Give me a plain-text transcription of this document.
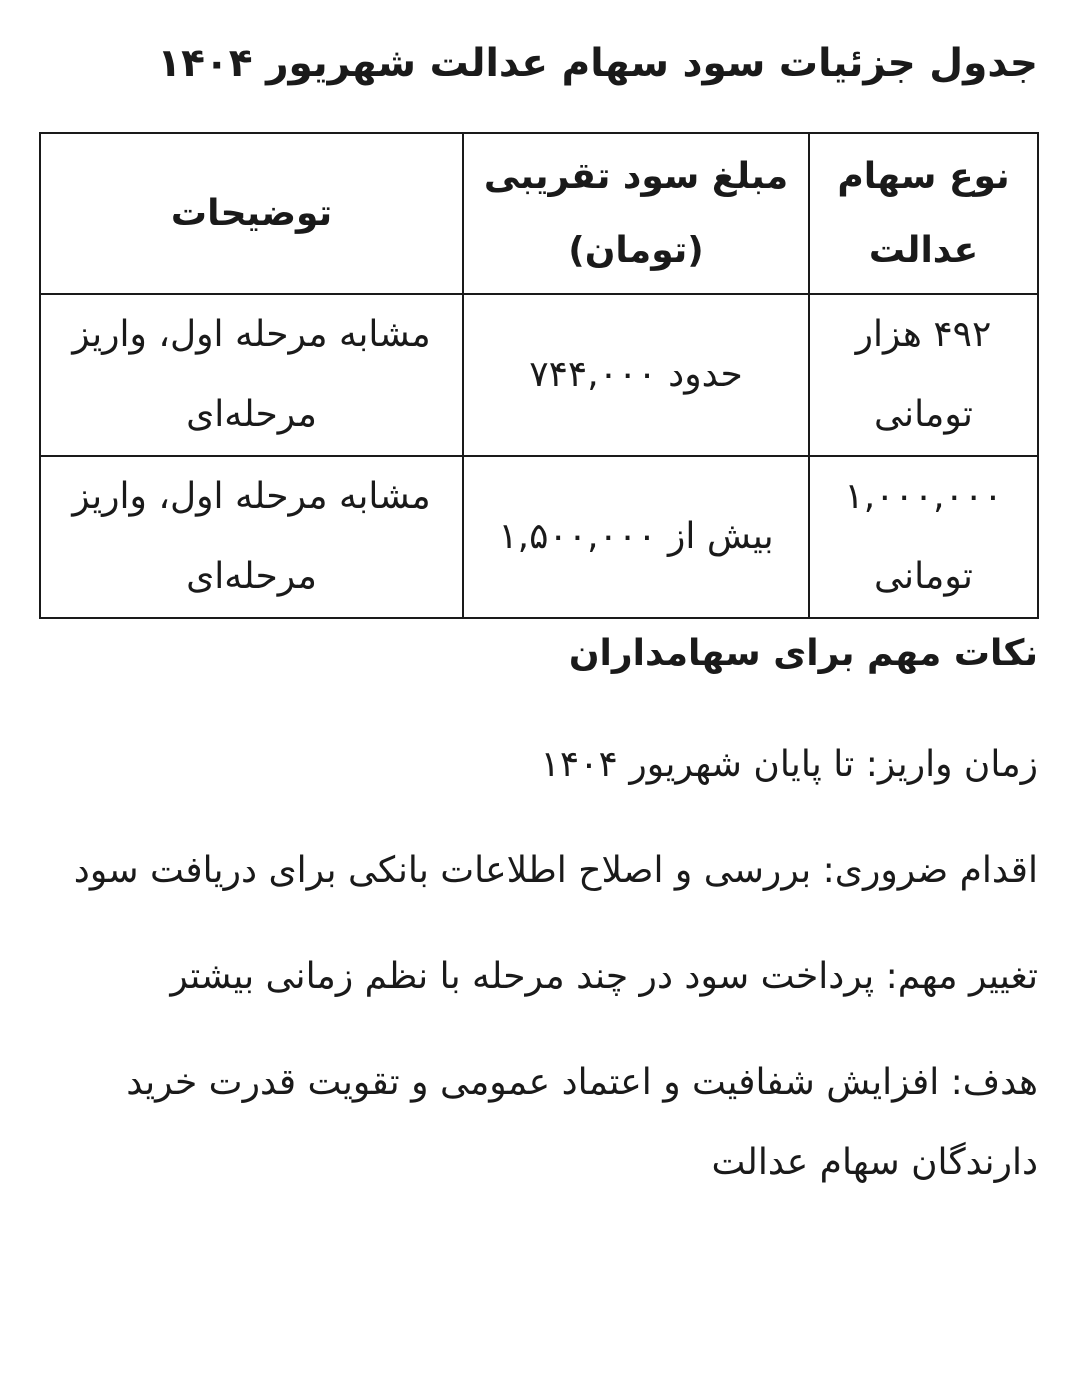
جدول جزئیات سود سهام عدالت شهریور ۱۴۰۴
نوع سهام عدالت	مبلغ سود تقریبی (تومان)	توضیحات
۴۹۲ هزار تومانی	حدود ۷۴۴,۰۰۰	مشابه مرحله اول، واریز مرحله‌ای
۱,۰۰۰,۰۰۰ تومانی	بیش از ۱,۵۰۰,۰۰۰	مشابه مرحله اول، واریز مرحله‌ای
نکات مهم برای سهامداران
زمان واریز: تا پایان شهریور ۱۴۰۴
اقدام ضروری: بررسی و اصلاح اطلاعات بانکی برای دریافت سود
تغییر مهم: پرداخت سود در چند مرحله با نظم زمانی بیشتر
هدف: افزایش شفافیت و اعتماد عمومی و تقویت قدرت خرید دارندگان سهام عدالت
